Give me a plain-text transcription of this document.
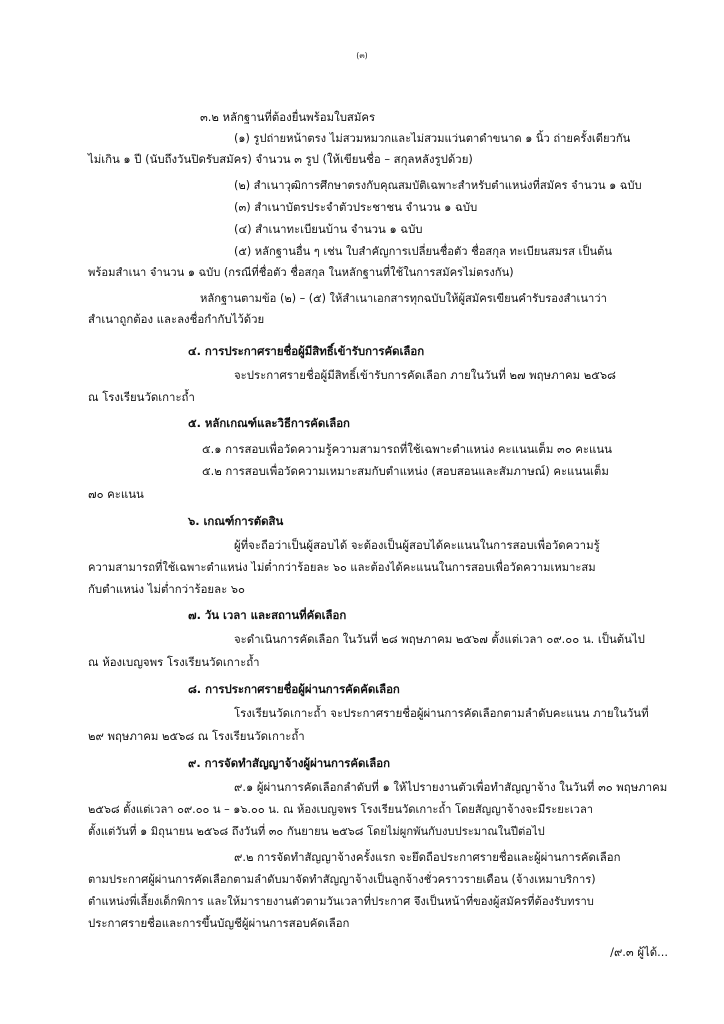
(๓)
๓.๒ หลักฐานที่ต้องยื่นพร้อมใบสมัคร
(๑) รูปถ่ายหน้าตรง ไม่สวมหมวกและไม่สวมแว่นตาดำขนาด ๑ นิ้ว ถ่ายครั้งเดียวกัน
ไม่เกิน ๑ ปี (นับถึงวันปิดรับสมัคร) จำนวน ๓ รูป (ให้เขียนชื่อ – สกุลหลังรูปด้วย)
(๒) สำเนาวุฒิการศึกษาตรงกับคุณสมบัติเฉพาะสำหรับตำแหน่งที่สมัคร จำนวน ๑ ฉบับ
(๓) สำเนาบัตรประจำตัวประชาชน จำนวน ๑ ฉบับ
(๔) สำเนาทะเบียนบ้าน จำนวน ๑ ฉบับ
(๕) หลักฐานอื่น ๆ เช่น ใบสำคัญการเปลี่ยนชื่อตัว ชื่อสกุล ทะเบียนสมรส เป็นต้น
พร้อมสำเนา จำนวน ๑ ฉบับ (กรณีที่ชื่อตัว ชื่อสกุล ในหลักฐานที่ใช้ในการสมัครไม่ตรงกัน)
หลักฐานตามข้อ (๒) – (๕) ให้สำเนาเอกสารทุกฉบับให้ผู้สมัครเขียนคำรับรองสำเนาว่า
สำเนาถูกต้อง และลงชื่อกำกับไว้ด้วย
๔. การประกาศรายชื่อผู้มีสิทธิ์เข้ารับการคัดเลือก
จะประกาศรายชื่อผู้มีสิทธิ์เข้ารับการคัดเลือก ภายในวันที่ ๒๗ พฤษภาคม ๒๕๖๘
ณ โรงเรียนวัดเกาะถ้ำ
๕. หลักเกณฑ์และวิธีการคัดเลือก
๕.๑ การสอบเพื่อวัดความรู้ความสามารถที่ใช้เฉพาะตำแหน่ง คะแนนเต็ม ๓๐ คะแนน
๕.๒ การสอบเพื่อวัดความเหมาะสมกับตำแหน่ง (สอบสอนและสัมภาษณ์) คะแนนเต็ม
๗๐ คะแนน
๖. เกณฑ์การตัดสิน
ผู้ที่จะถือว่าเป็นผู้สอบได้ จะต้องเป็นผู้สอบได้คะแนนในการสอบเพื่อวัดความรู้
ความสามารถที่ใช้เฉพาะตำแหน่ง ไม่ต่ำกว่าร้อยละ ๖๐ และต้องได้คะแนนในการสอบเพื่อวัดความเหมาะสม
กับตำแหน่ง ไม่ต่ำกว่าร้อยละ ๖๐
๗. วัน เวลา และสถานที่คัดเลือก
จะดำเนินการคัดเลือก ในวันที่ ๒๘ พฤษภาคม ๒๕๖๗ ตั้งแต่เวลา ๐๙.๐๐ น. เป็นต้นไป
ณ ห้องเบญจพร โรงเรียนวัดเกาะถ้ำ
๘. การประกาศรายชื่อผู้ผ่านการคัดคัดเลือก
โรงเรียนวัดเกาะถ้ำ จะประกาศรายชื่อผู้ผ่านการคัดเลือกตามลำดับคะแนน ภายในวันที่
๒๙ พฤษภาคม ๒๕๖๘ ณ โรงเรียนวัดเกาะถ้ำ
๙. การจัดทำสัญญาจ้างผู้ผ่านการคัดเลือก
๙.๑ ผู้ผ่านการคัดเลือกลำดับที่ ๑ ให้ไปรายงานตัวเพื่อทำสัญญาจ้าง ในวันที่ ๓๐ พฤษภาคม
๒๕๖๘ ตั้งแต่เวลา ๐๙.๐๐ น – ๑๖.๐๐ น. ณ ห้องเบญจพร โรงเรียนวัดเกาะถ้ำ โดยสัญญาจ้างจะมีระยะเวลา
ตั้งแต่วันที่ ๑ มิถุนายน ๒๕๖๘ ถึงวันที่ ๓๐ กันยายน ๒๕๖๘ โดยไม่ผูกพันกับงบประมาณในปีต่อไป
๙.๒ การจัดทำสัญญาจ้างครั้งแรก จะยึดถือประกาศรายชื่อและผู้ผ่านการคัดเลือก
ตามประกาศผู้ผ่านการคัดเลือกตามลำดับมาจัดทำสัญญาจ้างเป็นลูกจ้างชั่วคราวรายเดือน (จ้างเหมาบริการ)
ตำแหน่งพี่เลี้ยงเด็กพิการ และให้มารายงานตัวตามวันเวลาที่ประกาศ จึงเป็นหน้าที่ของผู้สมัครที่ต้องรับทราบ
ประกาศรายชื่อและการขึ้นบัญชีผู้ผ่านการสอบคัดเลือก
/๙.๓ ผู้ได้...
